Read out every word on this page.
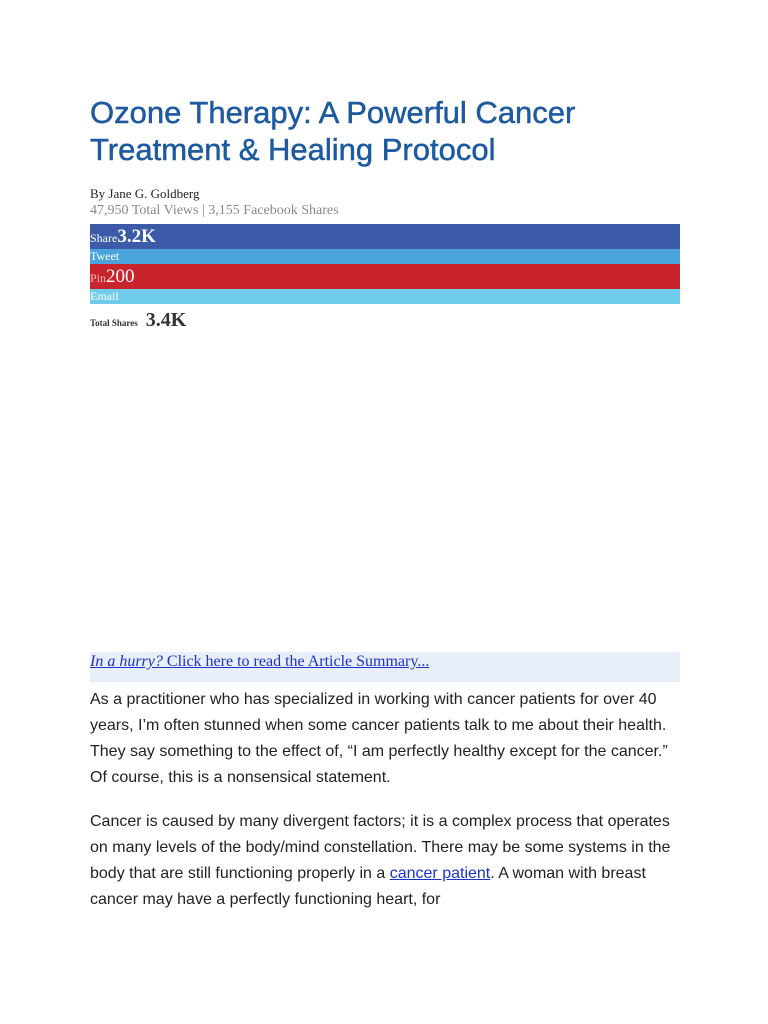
Ozone Therapy: A Powerful Cancer Treatment & Healing Protocol
By Jane G. Goldberg
47,950 Total Views | 3,155 Facebook Shares
Share3.2K
Tweet
Pin200
Email
Total Shares 3.4K
In a hurry? Click here to read the Article Summary...

As a practitioner who has specialized in working with cancer patients for over 40 years, I’m often stunned when some cancer patients talk to me about their health. They say something to the effect of, “I am perfectly healthy except for the cancer.” Of course, this is a nonsensical statement.

Cancer is caused by many divergent factors; it is a complex process that operates on many levels of the body/mind constellation. There may be some systems in the body that are still functioning properly in a cancer patient. A woman with breast cancer may have a perfectly functioning heart, for
